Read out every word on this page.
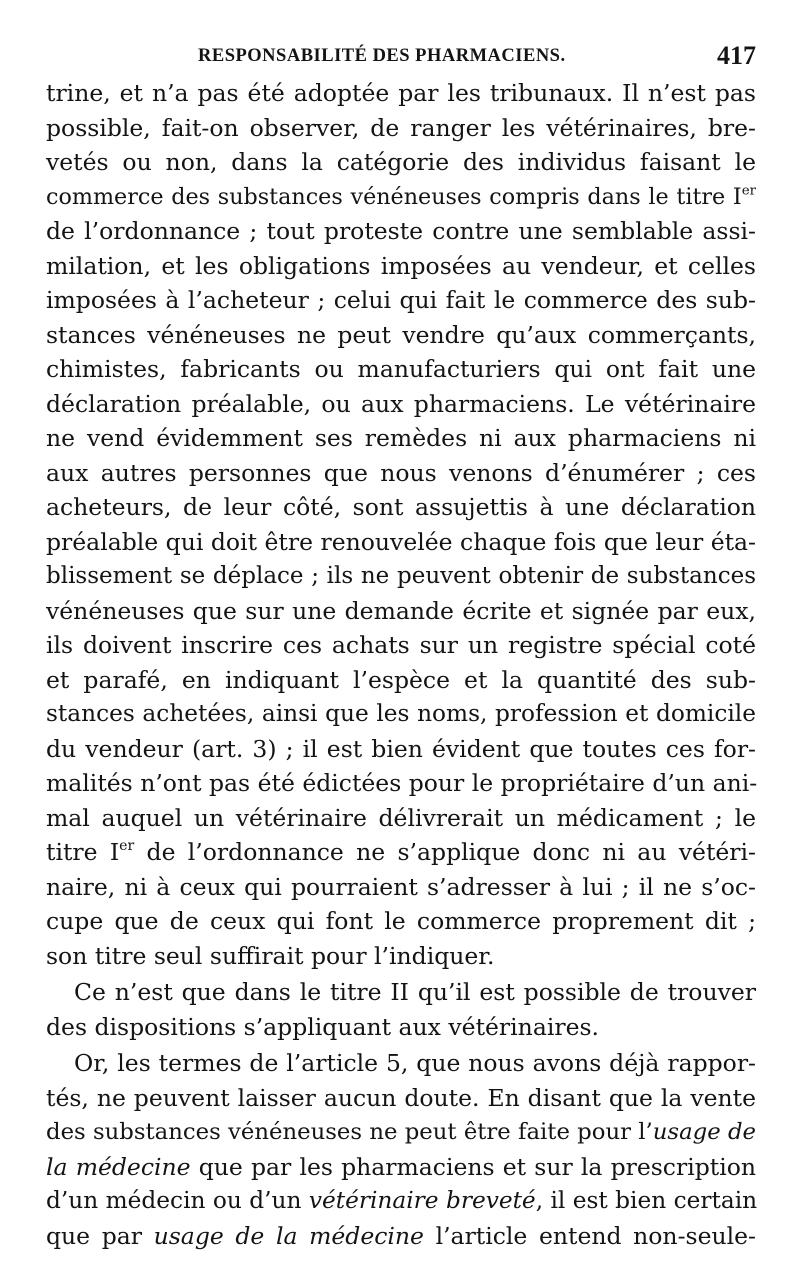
RESPONSABILITÉ DES PHARMACIENS.	417
trine, et n’a pas été adoptée par les tribunaux. Il n’est pas
possible, fait-on observer, de ranger les vétérinaires, bre-
vetés ou non, dans la catégorie des individus faisant le
commerce des substances vénéneuses compris dans le titre Ier
de l’ordonnance ; tout proteste contre une semblable assi-
milation, et les obligations imposées au vendeur, et celles
imposées à l’acheteur ; celui qui fait le commerce des sub-
stances vénéneuses ne peut vendre qu’aux commerçants,
chimistes, fabricants ou manufacturiers qui ont fait une
déclaration préalable, ou aux pharmaciens. Le vétérinaire
ne vend évidemment ses remèdes ni aux pharmaciens ni
aux autres personnes que nous venons d’énumérer ; ces
acheteurs, de leur côté, sont assujettis à une déclaration
préalable qui doit être renouvelée chaque fois que leur éta-
blissement se déplace ; ils ne peuvent obtenir de substances
vénéneuses que sur une demande écrite et signée par eux,
ils doivent inscrire ces achats sur un registre spécial coté
et parafé, en indiquant l’espèce et la quantité des sub-
stances achetées, ainsi que les noms, profession et domicile
du vendeur (art. 3) ; il est bien évident que toutes ces for-
malités n’ont pas été édictées pour le propriétaire d’un ani-
mal auquel un vétérinaire délivrerait un médicament ; le
titre Ier de l’ordonnance ne s’applique donc ni au vétéri-
naire, ni à ceux qui pourraient s’adresser à lui ; il ne s’oc-
cupe que de ceux qui font le commerce proprement dit ;
son titre seul suffirait pour l’indiquer.
Ce n’est que dans le titre II qu’il est possible de trouver
des dispositions s’appliquant aux vétérinaires.
Or, les termes de l’article 5, que nous avons déjà rappor-
tés, ne peuvent laisser aucun doute. En disant que la vente
des substances vénéneuses ne peut être faite pour l’usage de
la médecine que par les pharmaciens et sur la prescription
d’un médecin ou d’un vétérinaire breveté, il est bien certain
que par usage de la médecine l’article entend non-seule-
